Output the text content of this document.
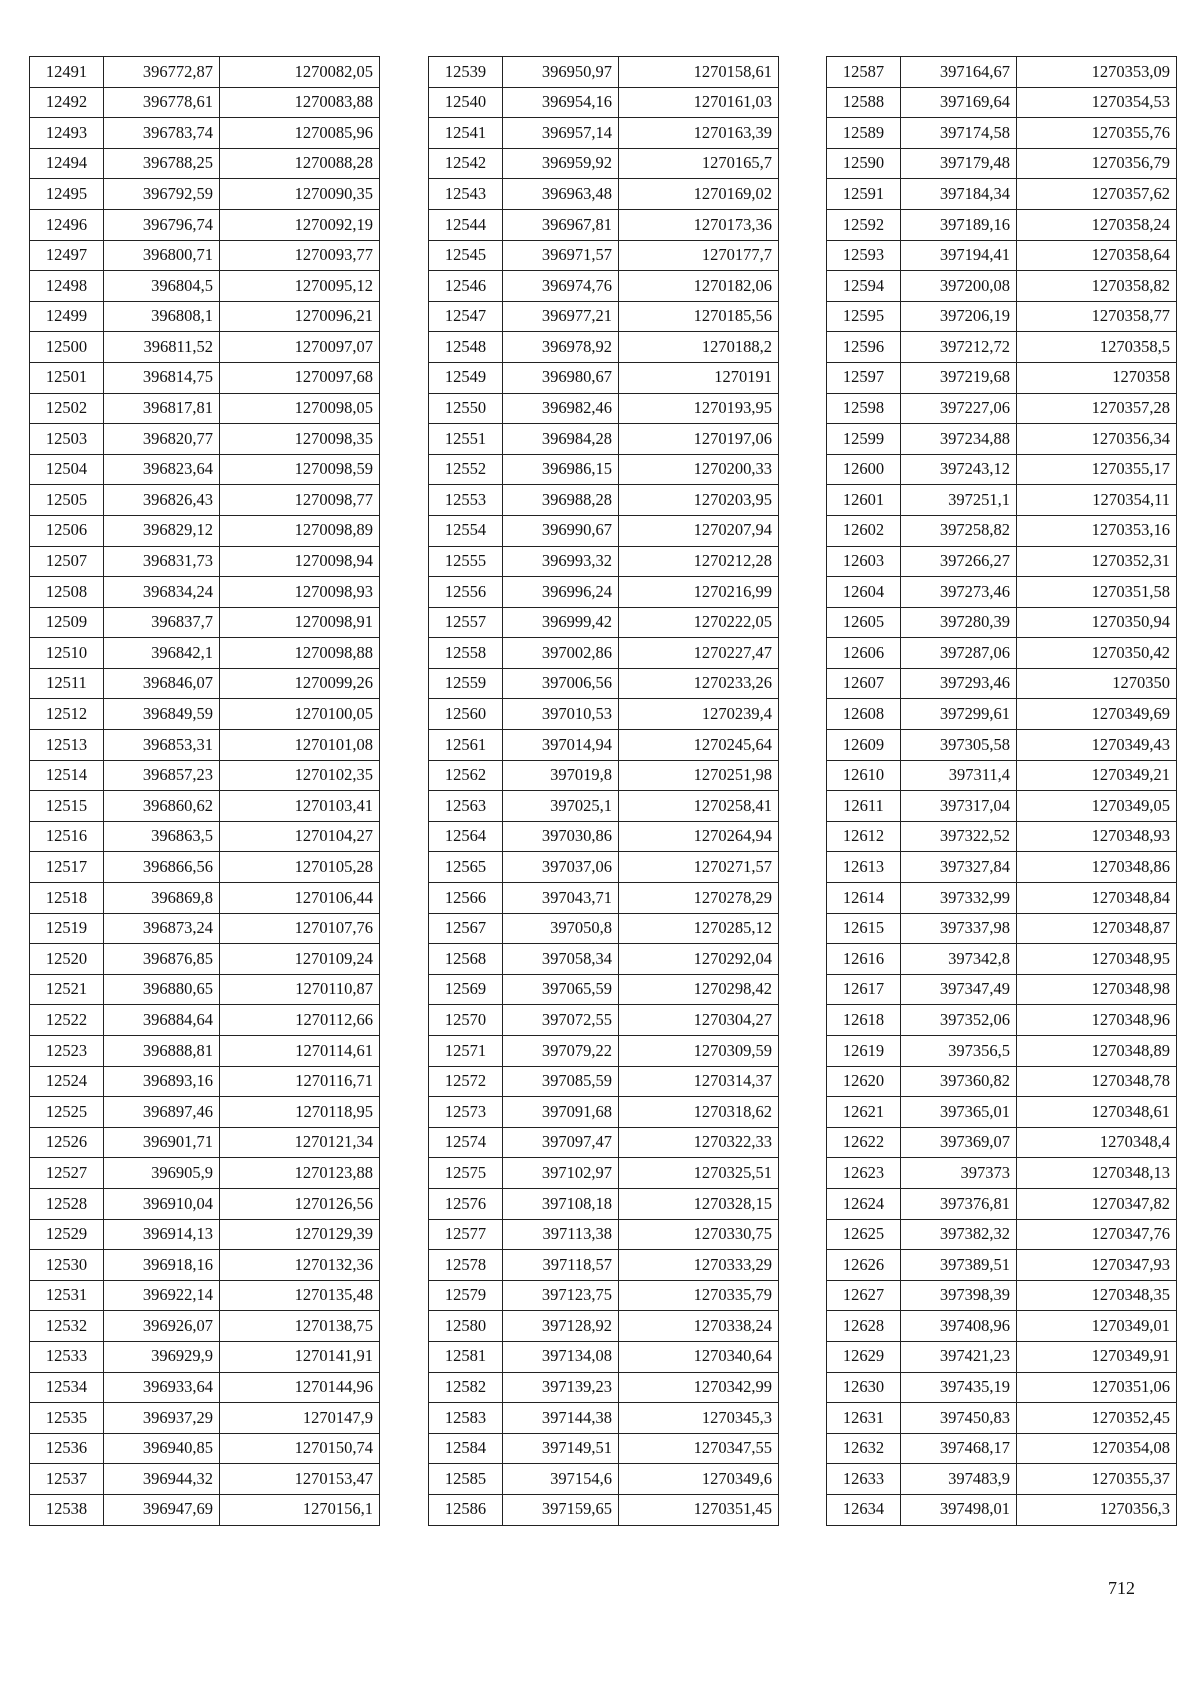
12491	396772,87	1270082,05
12492	396778,61	1270083,88
12493	396783,74	1270085,96
12494	396788,25	1270088,28
12495	396792,59	1270090,35
12496	396796,74	1270092,19
12497	396800,71	1270093,77
12498	396804,5	1270095,12
12499	396808,1	1270096,21
12500	396811,52	1270097,07
12501	396814,75	1270097,68
12502	396817,81	1270098,05
12503	396820,77	1270098,35
12504	396823,64	1270098,59
12505	396826,43	1270098,77
12506	396829,12	1270098,89
12507	396831,73	1270098,94
12508	396834,24	1270098,93
12509	396837,7	1270098,91
12510	396842,1	1270098,88
12511	396846,07	1270099,26
12512	396849,59	1270100,05
12513	396853,31	1270101,08
12514	396857,23	1270102,35
12515	396860,62	1270103,41
12516	396863,5	1270104,27
12517	396866,56	1270105,28
12518	396869,8	1270106,44
12519	396873,24	1270107,76
12520	396876,85	1270109,24
12521	396880,65	1270110,87
12522	396884,64	1270112,66
12523	396888,81	1270114,61
12524	396893,16	1270116,71
12525	396897,46	1270118,95
12526	396901,71	1270121,34
12527	396905,9	1270123,88
12528	396910,04	1270126,56
12529	396914,13	1270129,39
12530	396918,16	1270132,36
12531	396922,14	1270135,48
12532	396926,07	1270138,75
12533	396929,9	1270141,91
12534	396933,64	1270144,96
12535	396937,29	1270147,9
12536	396940,85	1270150,74
12537	396944,32	1270153,47
12538	396947,69	1270156,1
12539	396950,97	1270158,61
12540	396954,16	1270161,03
12541	396957,14	1270163,39
12542	396959,92	1270165,7
12543	396963,48	1270169,02
12544	396967,81	1270173,36
12545	396971,57	1270177,7
12546	396974,76	1270182,06
12547	396977,21	1270185,56
12548	396978,92	1270188,2
12549	396980,67	1270191
12550	396982,46	1270193,95
12551	396984,28	1270197,06
12552	396986,15	1270200,33
12553	396988,28	1270203,95
12554	396990,67	1270207,94
12555	396993,32	1270212,28
12556	396996,24	1270216,99
12557	396999,42	1270222,05
12558	397002,86	1270227,47
12559	397006,56	1270233,26
12560	397010,53	1270239,4
12561	397014,94	1270245,64
12562	397019,8	1270251,98
12563	397025,1	1270258,41
12564	397030,86	1270264,94
12565	397037,06	1270271,57
12566	397043,71	1270278,29
12567	397050,8	1270285,12
12568	397058,34	1270292,04
12569	397065,59	1270298,42
12570	397072,55	1270304,27
12571	397079,22	1270309,59
12572	397085,59	1270314,37
12573	397091,68	1270318,62
12574	397097,47	1270322,33
12575	397102,97	1270325,51
12576	397108,18	1270328,15
12577	397113,38	1270330,75
12578	397118,57	1270333,29
12579	397123,75	1270335,79
12580	397128,92	1270338,24
12581	397134,08	1270340,64
12582	397139,23	1270342,99
12583	397144,38	1270345,3
12584	397149,51	1270347,55
12585	397154,6	1270349,6
12586	397159,65	1270351,45
12587	397164,67	1270353,09
12588	397169,64	1270354,53
12589	397174,58	1270355,76
12590	397179,48	1270356,79
12591	397184,34	1270357,62
12592	397189,16	1270358,24
12593	397194,41	1270358,64
12594	397200,08	1270358,82
12595	397206,19	1270358,77
12596	397212,72	1270358,5
12597	397219,68	1270358
12598	397227,06	1270357,28
12599	397234,88	1270356,34
12600	397243,12	1270355,17
12601	397251,1	1270354,11
12602	397258,82	1270353,16
12603	397266,27	1270352,31
12604	397273,46	1270351,58
12605	397280,39	1270350,94
12606	397287,06	1270350,42
12607	397293,46	1270350
12608	397299,61	1270349,69
12609	397305,58	1270349,43
12610	397311,4	1270349,21
12611	397317,04	1270349,05
12612	397322,52	1270348,93
12613	397327,84	1270348,86
12614	397332,99	1270348,84
12615	397337,98	1270348,87
12616	397342,8	1270348,95
12617	397347,49	1270348,98
12618	397352,06	1270348,96
12619	397356,5	1270348,89
12620	397360,82	1270348,78
12621	397365,01	1270348,61
12622	397369,07	1270348,4
12623	397373	1270348,13
12624	397376,81	1270347,82
12625	397382,32	1270347,76
12626	397389,51	1270347,93
12627	397398,39	1270348,35
12628	397408,96	1270349,01
12629	397421,23	1270349,91
12630	397435,19	1270351,06
12631	397450,83	1270352,45
12632	397468,17	1270354,08
12633	397483,9	1270355,37
12634	397498,01	1270356,3
712
